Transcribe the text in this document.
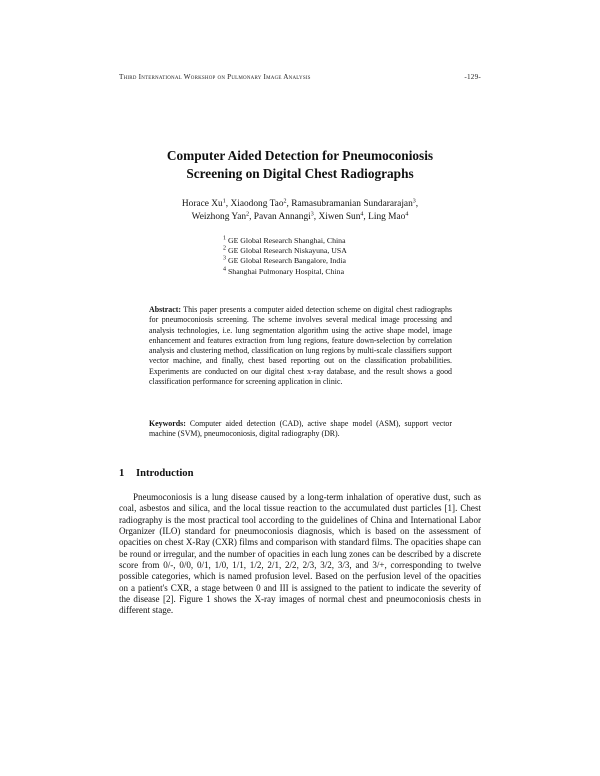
Third International Workshop on Pulmonary Image Analysis	-129-
Computer Aided Detection for Pneumoconiosis
Screening on Digital Chest Radiographs
Horace Xu$^1$, Xiaodong Tao$^2$, Ramasubramanian Sundararajan$^3$,
Weizhong Yan$^2$, Pavan Annangi$^3$, Xiwen Sun$^4$, Ling Mao$^4$
$^1$ GE Global Research Shanghai, China
$^2$ GE Global Research Niskayuna, USA
$^3$ GE Global Research Bangalore, India
$^4$ Shanghai Pulmonary Hospital, China
Abstract: This paper presents a computer aided detection scheme on digital chest radiographs for pneumoconiosis screening. The scheme involves several medical image processing and analysis technologies, i.e. lung segmentation algorithm using the active shape model, image enhancement and features extraction from lung regions, feature down-selection by correlation analysis and clustering method, classification on lung regions by multi-scale classifiers support vector machine, and finally, chest based reporting out on the classification probabilities. Experiments are conducted on our digital chest x-ray database, and the result shows a good classification performance for screening application in clinic.
Keywords: Computer aided detection (CAD), active shape model (ASM), support vector machine (SVM), pneumoconiosis, digital radiography (DR).
1 Introduction
Pneumoconiosis is a lung disease caused by a long-term inhalation of operative dust, such as coal, asbestos and silica, and the local tissue reaction to the accumulated dust particles [1]. Chest radiography is the most practical tool according to the guidelines of China and International Labor Organizer (ILO) standard for pneumoconiosis diagnosis, which is based on the assessment of opacities on chest X-Ray (CXR) films and comparison with standard films. The opacities shape can be round or irregular, and the number of opacities in each lung zones can be described by a discrete score from 0/-, 0/0, 0/1, 1/0, 1/1, 1/2, 2/1, 2/2, 2/3, 3/2, 3/3, and 3/+, corresponding to twelve possible categories, which is named profusion level. Based on the perfusion level of the opacities on a patient's CXR, a stage between 0 and III is assigned to the patient to indicate the severity of the disease [2]. Figure 1 shows the X-ray images of normal chest and pneumoconiosis chests in different stage.
